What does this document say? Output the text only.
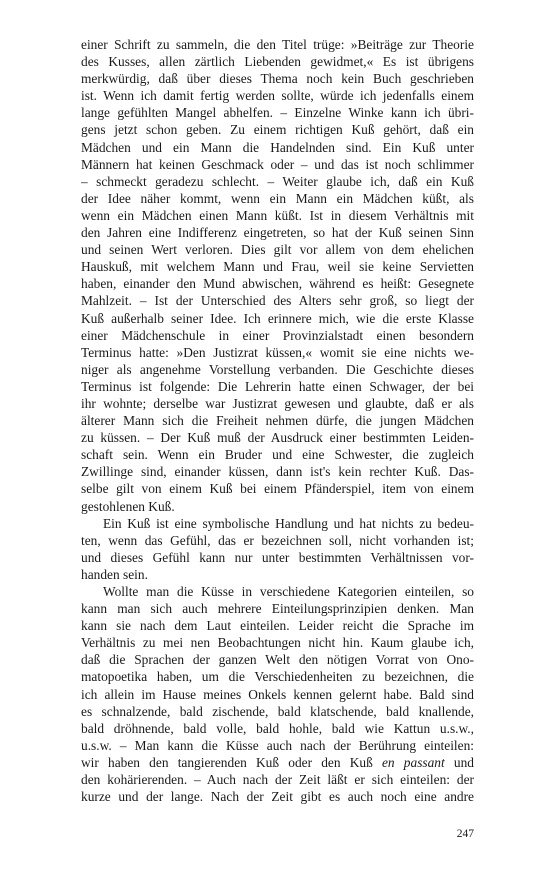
einer Schrift zu sammeln, die den Titel trüge: »Beiträge zur Theorie
des Kusses, allen zärtlich Liebenden gewidmet,« Es ist übrigens
merkwürdig, daß über dieses Thema noch kein Buch geschrieben
ist. Wenn ich damit fertig werden sollte, würde ich jedenfalls einem
lange gefühlten Mangel abhelfen. – Einzelne Winke kann ich übri-
gens jetzt schon geben. Zu einem richtigen Kuß gehört, daß ein
Mädchen und ein Mann die Handelnden sind. Ein Kuß unter
Männern hat keinen Geschmack oder – und das ist noch schlimmer
– schmeckt geradezu schlecht. – Weiter glaube ich, daß ein Kuß
der Idee näher kommt, wenn ein Mann ein Mädchen küßt, als
wenn ein Mädchen einen Mann küßt. Ist in diesem Verhältnis mit
den Jahren eine Indifferenz eingetreten, so hat der Kuß seinen Sinn
und seinen Wert verloren. Dies gilt vor allem von dem ehelichen
Hauskuß, mit welchem Mann und Frau, weil sie keine Servietten
haben, einander den Mund abwischen, während es heißt: Gesegnete
Mahlzeit. – Ist der Unterschied des Alters sehr groß, so liegt der
Kuß außerhalb seiner Idee. Ich erinnere mich, wie die erste Klasse
einer Mädchenschule in einer Provinzialstadt einen besondern
Terminus hatte: »Den Justizrat küssen,« womit sie eine nichts we-
niger als angenehme Vorstellung verbanden. Die Geschichte dieses
Terminus ist folgende: Die Lehrerin hatte einen Schwager, der bei
ihr wohnte; derselbe war Justizrat gewesen und glaubte, daß er als
älterer Mann sich die Freiheit nehmen dürfe, die jungen Mädchen
zu küssen. – Der Kuß muß der Ausdruck einer bestimmten Leiden-
schaft sein. Wenn ein Bruder und eine Schwester, die zugleich
Zwillinge sind, einander küssen, dann ist's kein rechter Kuß. Das-
selbe gilt von einem Kuß bei einem Pfänderspiel, item von einem
gestohlenen Kuß.
Ein Kuß ist eine symbolische Handlung und hat nichts zu bedeu-
ten, wenn das Gefühl, das er bezeichnen soll, nicht vorhanden ist;
und dieses Gefühl kann nur unter bestimmten Verhältnissen vor-
handen sein.
Wollte man die Küsse in verschiedene Kategorien einteilen, so
kann man sich auch mehrere Einteilungsprinzipien denken. Man
kann sie nach dem Laut einteilen. Leider reicht die Sprache im
Verhältnis zu mei nen Beobachtungen nicht hin. Kaum glaube ich,
daß die Sprachen der ganzen Welt den nötigen Vorrat von Ono-
matopoetika haben, um die Verschiedenheiten zu bezeichnen, die
ich allein im Hause meines Onkels kennen gelernt habe. Bald sind
es schnalzende, bald zischende, bald klatschende, bald knallende,
bald dröhnende, bald volle, bald hohle, bald wie Kattun u.s.w.,
u.s.w. – Man kann die Küsse auch nach der Berührung einteilen:
wir haben den tangierenden Kuß oder den Kuß en passant und
den kohärierenden. – Auch nach der Zeit läßt er sich einteilen: der
kurze und der lange. Nach der Zeit gibt es auch noch eine andre
247
